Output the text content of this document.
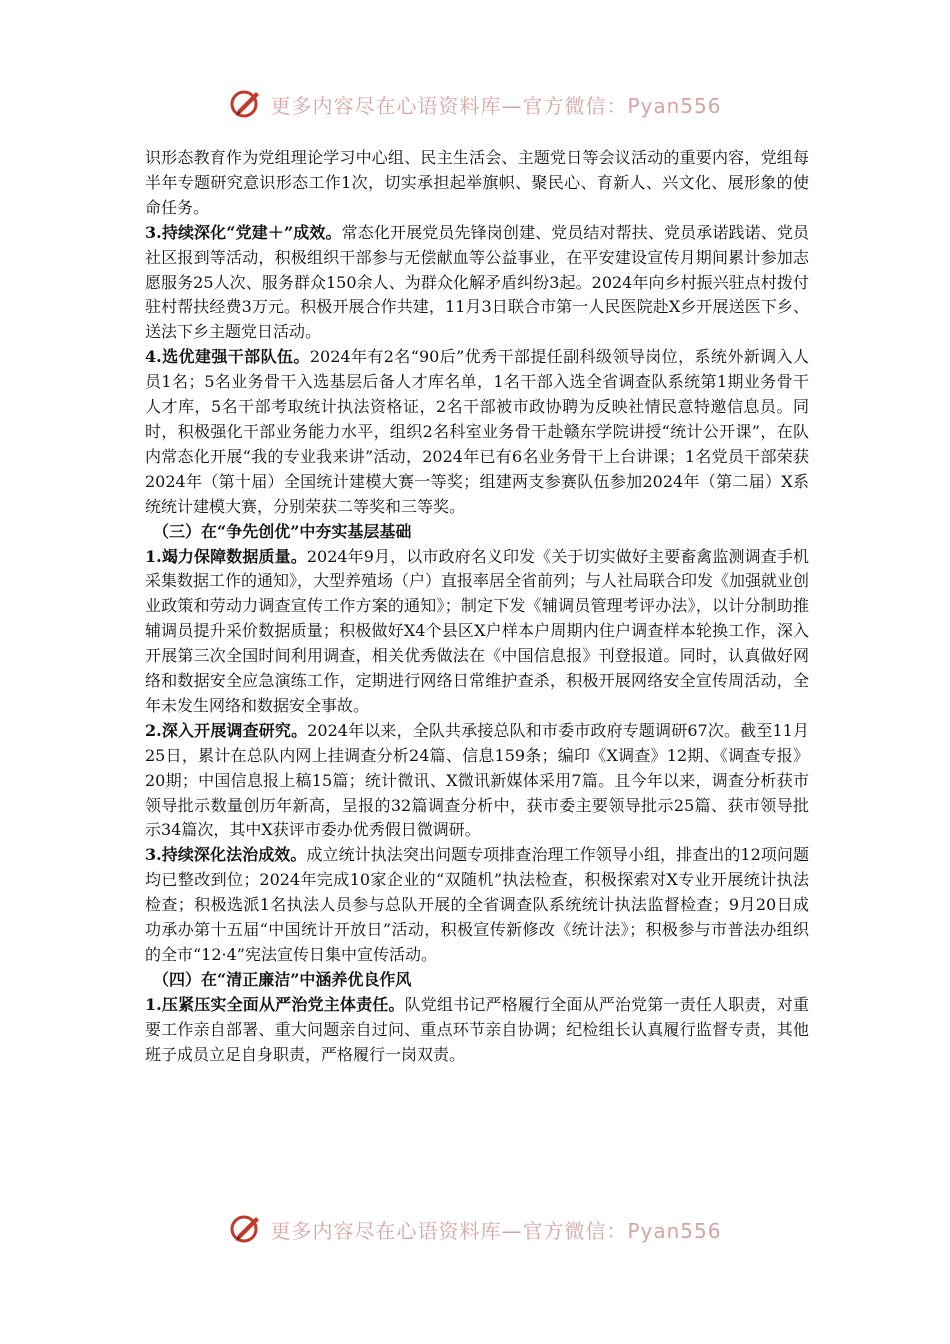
更多内容尽在心语资料库—官方微信：Pyan556

识形态教育作为党组理论学习中心组、民主生活会、主题党日等会议活动的重要内容，党组每半年专题研究意识形态工作1次，切实承担起举旗帜、聚民心、育新人、兴文化、展形象的使命任务。

3.持续深化“党建＋”成效。常态化开展党员先锋岗创建、党员结对帮扶、党员承诺践诺、党员社区报到等活动，积极组织干部参与无偿献血等公益事业，在平安建设宣传月期间累计参加志愿服务25人次、服务群众150余人、为群众化解矛盾纠纷3起。2024年向乡村振兴驻点村拨付驻村帮扶经费3万元。积极开展合作共建，11月3日联合市第一人民医院赴X乡开展送医下乡、送法下乡主题党日活动。

4.选优建强干部队伍。2024年有2名“90后”优秀干部提任副科级领导岗位，系统外新调入人员1名；5名业务骨干入选基层后备人才库名单，1名干部入选全省调查队系统第1期业务骨干人才库，5名干部考取统计执法资格证，2名干部被市政协聘为反映社情民意特邀信息员。同时，积极强化干部业务能力水平，组织2名科室业务骨干赴赣东学院讲授“统计公开课”，在队内常态化开展“我的专业我来讲”活动，2024年已有6名业务骨干上台讲课；1名党员干部荣获2024年（第十届）全国统计建模大赛一等奖；组建两支参赛队伍参加2024年（第二届）X系统统计建模大赛，分别荣获二等奖和三等奖。

（三）在“争先创优”中夯实基层基础

1.竭力保障数据质量。2024年9月，以市政府名义印发《关于切实做好主要畜禽监测调查手机采集数据工作的通知》，大型养殖场（户）直报率居全省前列；与人社局联合印发《加强就业创业政策和劳动力调查宣传工作方案的通知》；制定下发《辅调员管理考评办法》，以计分制助推辅调员提升采价数据质量；积极做好X4个县区X户样本户周期内住户调查样本轮换工作，深入开展第三次全国时间利用调查，相关优秀做法在《中国信息报》刊登报道。同时，认真做好网络和数据安全应急演练工作，定期进行网络日常维护查杀，积极开展网络安全宣传周活动，全年未发生网络和数据安全事故。

2.深入开展调查研究。2024年以来，全队共承接总队和市委市政府专题调研67次。截至11月25日，累计在总队内网上挂调查分析24篇、信息159条；编印《X调查》12期、《调查专报》20期；中国信息报上稿15篇；统计微讯、X微讯新媒体采用7篇。且今年以来，调查分析获市领导批示数量创历年新高，呈报的32篇调查分析中，获市委主要领导批示25篇、获市领导批示34篇次，其中X获评市委办优秀假日微调研。

3.持续深化法治成效。成立统计执法突出问题专项排查治理工作领导小组，排查出的12项问题均已整改到位；2024年完成10家企业的“双随机”执法检查，积极探索对X专业开展统计执法检查；积极选派1名执法人员参与总队开展的全省调查队系统统计执法监督检查；9月20日成功承办第十五届“中国统计开放日”活动，积极宣传新修改《统计法》；积极参与市普法办组织的全市“12·4”宪法宣传日集中宣传活动。

（四）在“清正廉洁”中涵养优良作风

1.压紧压实全面从严治党主体责任。队党组书记严格履行全面从严治党第一责任人职责，对重要工作亲自部署、重大问题亲自过问、重点环节亲自协调；纪检组长认真履行监督专责，其他班子成员立足自身职责，严格履行一岗双责。

更多内容尽在心语资料库—官方微信：Pyan556
